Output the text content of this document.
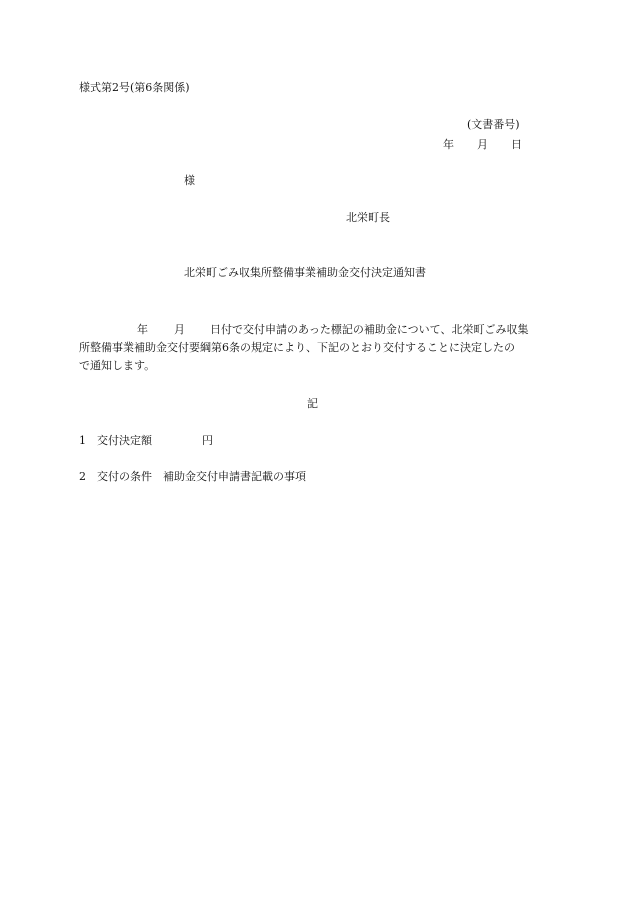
様式第2号(第6条関係)
(文書番号)
年 月 日
様
北栄町長
北栄町ごみ収集所整備事業補助金交付決定通知書
年 月 日付で交付申請のあった標記の補助金について、北栄町ごみ収集
所整備事業補助金交付要綱第6条の規定により、下記のとおり交付することに決定したの
で通知します。
記
1 交付決定額	円
2 交付の条件 補助金交付申請書記載の事項
